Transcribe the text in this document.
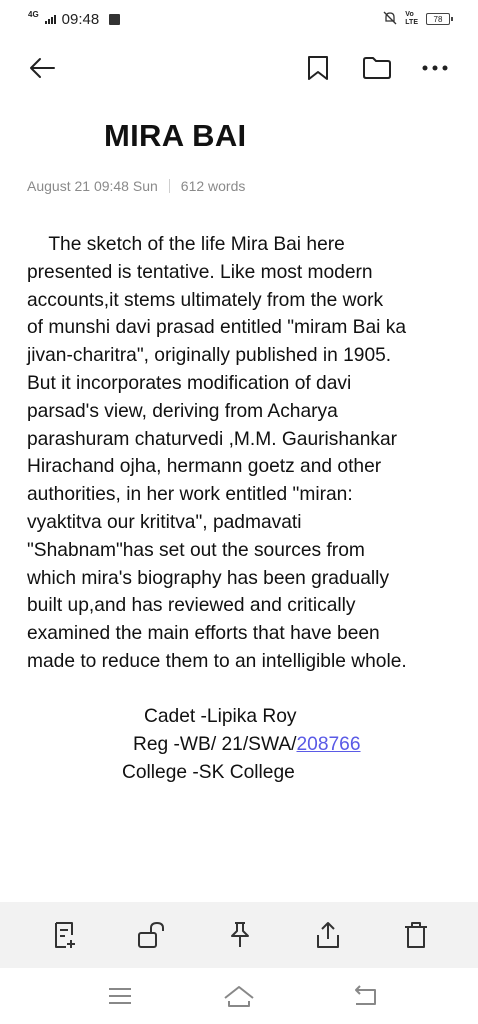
4G 09:48	Vo
LTE 78
MIRA BAI
August 21 09:48 Sun 612 words
The sketch of the life Mira Bai here
presented is tentative. Like most modern
accounts,it stems ultimately from the work
of munshi davi prasad entitled "miram Bai ka
jivan-charitra", originally published in 1905.
But it incorporates modification of davi
parsad's view, deriving from Acharya
parashuram chaturvedi ,M.M. Gaurishankar
Hirachand ojha, hermann goetz and other
authorities, in her work entitled "miran:
vyaktitva our krititva", padmavati
"Shabnam"has set out the sources from
which mira's biography has been gradually
built up,and has reviewed and critically
examined the main efforts that have been
made to reduce them to an intelligible whole.
Cadet -Lipika Roy
Reg -WB/ 21/SWA/208766
College -SK College
